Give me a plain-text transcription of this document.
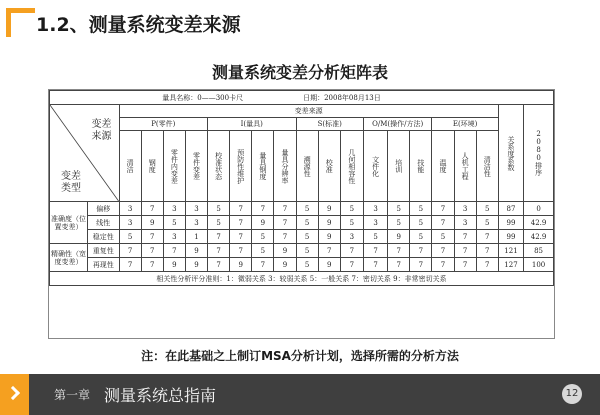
1.2、测量系统变差来源
测量系统变差分析矩阵表
量具名称：0——300卡尺 日期：2008年08月13日																				

变差来源
变差类型		变差来源																	关系度系数	2080排序
		P(零件)				I(量具)				S(标准)			O/M(操作/方法)			E(环境)				
		清洁	钢度	零件内变差	零件变差	校准状态	预防性维护	量具钢度	量具分辨率	溯源性	校准	几何相容性	文件化	培训	技能	温度	人机工程	清洁性		
准确度（位置变差）	偏移	3	7	3	3	5	7	7	7	5	9	5	3	5	5	7	3	5	87	0
	线性	3	9	5	3	5	7	9	7	5	9	5	3	5	5	7	3	5	99	42.9
	稳定性	5	7	3	1	7	7	5	7	5	9	3	5	9	5	5	7	7	99	42.9
精确性（宽度变差）	重复性	7	7	7	9	7	7	5	9	5	7	7	7	7	7	7	7	7	121	85
	再现性	7	7	9	9	7	9	7	9	5	9	7	7	7	7	7	7	7	127	100
相关性分析评分准则：1：微弱关系 3：较弱关系 5：一般关系 7：密切关系 9：非常密切关系																				
注：在此基础之上制订MSA分析计划，选择所需的分析方法
第一章 测量系统总指南	12
